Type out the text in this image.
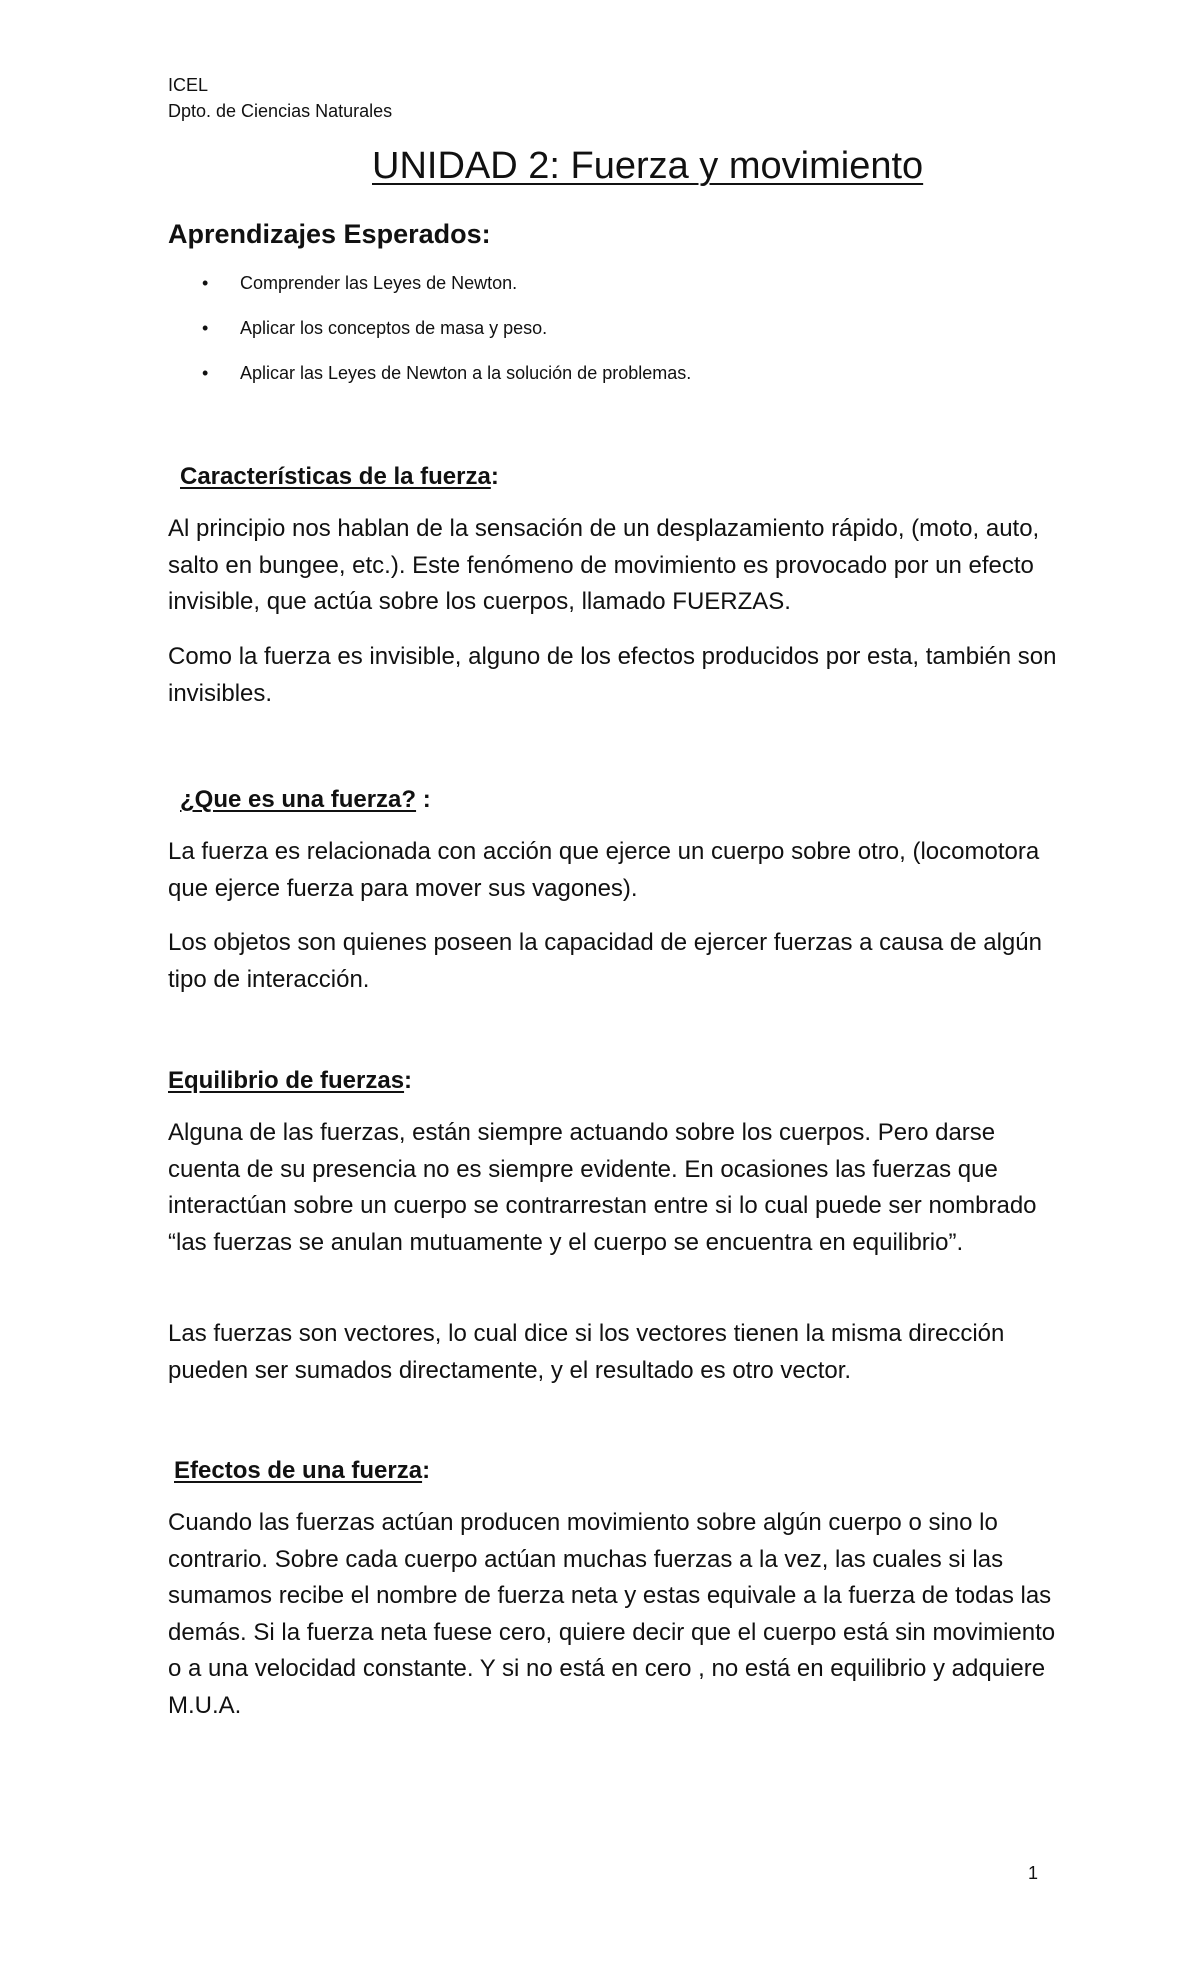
ICEL
Dpto. de Ciencias Naturales
UNIDAD 2: Fuerza y movimiento
Aprendizajes Esperados:
• Comprender las Leyes de Newton.
• Aplicar los conceptos de masa y peso.
• Aplicar las Leyes de Newton a la solución de problemas.
Características de la fuerza:

Al principio nos hablan de la sensación de un desplazamiento rápido, (moto, auto, salto en bungee, etc.). Este fenómeno de movimiento es provocado por un efecto invisible, que actúa sobre los cuerpos, llamado FUERZAS.

Como la fuerza es invisible, alguno de los efectos producidos por esta, también son invisibles.

¿Que es una fuerza? :

La fuerza es relacionada con acción que ejerce un cuerpo sobre otro, (locomotora que ejerce fuerza para mover sus vagones).

Los objetos son quienes poseen la capacidad de ejercer fuerzas a causa de algún tipo de interacción.

Equilibrio de fuerzas:

Alguna de las fuerzas, están siempre actuando sobre los cuerpos. Pero darse cuenta de su presencia no es siempre evidente. En ocasiones las fuerzas que interactúan sobre un cuerpo se contrarrestan entre si lo cual puede ser nombrado “las fuerzas se anulan mutuamente y el cuerpo se encuentra en equilibrio”.

Las fuerzas son vectores, lo cual dice si los vectores tienen la misma dirección pueden ser sumados directamente, y el resultado es otro vector.

Efectos de una fuerza:

Cuando las fuerzas actúan producen movimiento sobre algún cuerpo o sino lo contrario. Sobre cada cuerpo actúan muchas fuerzas a la vez, las cuales si las sumamos recibe el nombre de fuerza neta y estas equivale a la fuerza de todas las demás. Si la fuerza neta fuese cero, quiere decir que el cuerpo está sin movimiento o a una velocidad constante. Y si no está en cero , no está en equilibrio y adquiere M.U.A.

1
